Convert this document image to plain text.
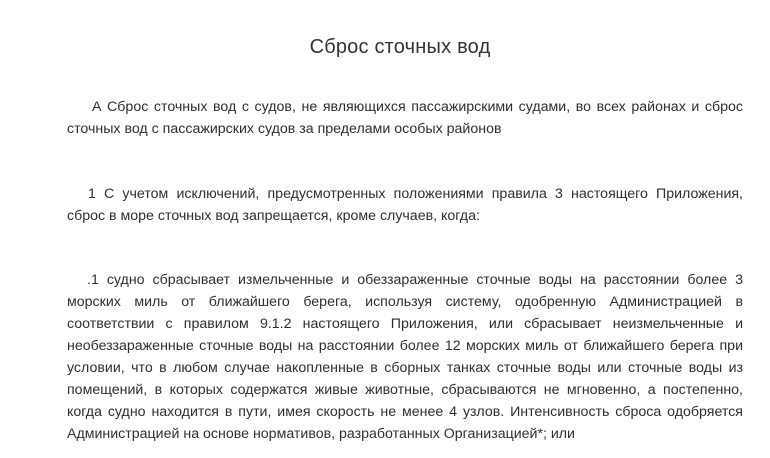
Сброс сточных вод
А Сброс сточных вод с судов, не являющихся пассажирскими судами, во всех районах и сброс сточных вод с пассажирских судов за пределами особых районов
1 С учетом исключений, предусмотренных положениями правила 3 настоящего Приложения, сброс в море сточных вод запрещается, кроме случаев, когда:
.1 судно сбрасывает измельченные и обеззараженные сточные воды на расстоянии более 3 морских миль от ближайшего берега, используя систему, одобренную Администрацией в соответствии с правилом 9.1.2 настоящего Приложения, или сбрасывает неизмельченные и необеззараженные сточные воды на расстоянии более 12 морских миль от ближайшего берега при условии, что в любом случае накопленные в сборных танках сточные воды или сточные воды из помещений, в которых содержатся живые животные, сбрасываются не мгновенно, а постепенно, когда судно находится в пути, имея скорость не менее 4 узлов. Интенсивность сброса одобряется Администрацией на основе нормативов, разработанных Организацией*; или
